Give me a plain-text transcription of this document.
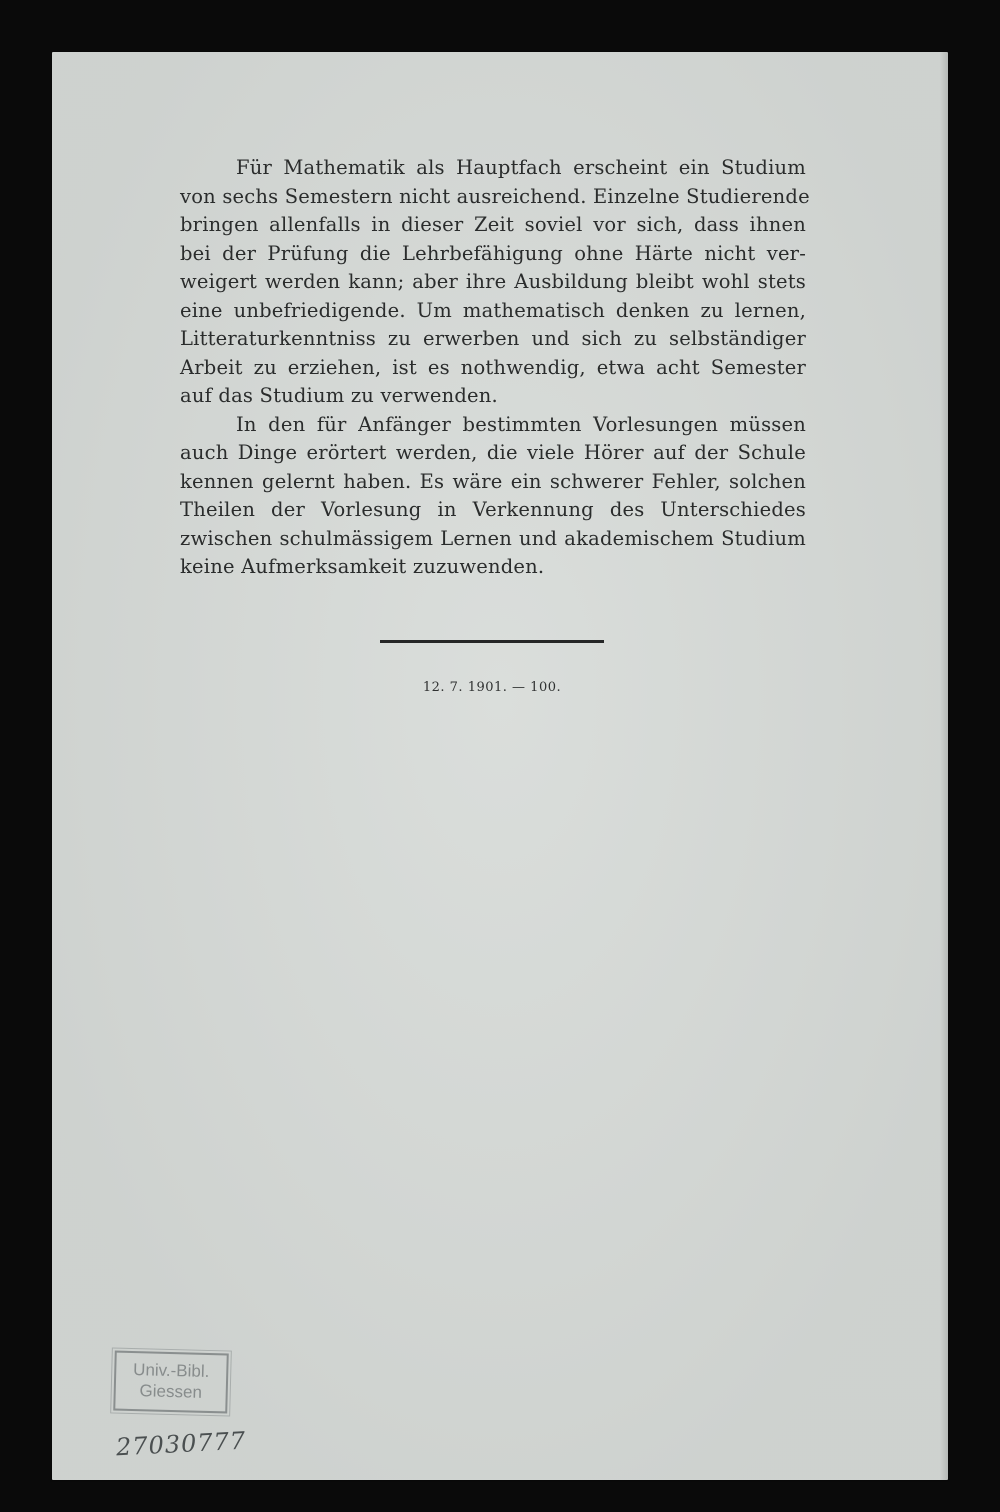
Für Mathematik als Hauptfach erscheint ein Studium
von sechs Semestern nicht ausreichend. Einzelne Studierende
bringen allenfalls in dieser Zeit soviel vor sich, dass ihnen
bei der Prüfung die Lehrbefähigung ohne Härte nicht ver-
weigert werden kann; aber ihre Ausbildung bleibt wohl stets
eine unbefriedigende. Um mathematisch denken zu lernen,
Litteraturkenntniss zu erwerben und sich zu selbständiger
Arbeit zu erziehen, ist es nothwendig, etwa acht Semester
auf das Studium zu verwenden.
In den für Anfänger bestimmten Vorlesungen müssen
auch Dinge erörtert werden, die viele Hörer auf der Schule
kennen gelernt haben. Es wäre ein schwerer Fehler, solchen
Theilen der Vorlesung in Verkennung des Unterschiedes
zwischen schulmässigem Lernen und akademischem Studium
keine Aufmerksamkeit zuzuwenden.
12. 7. 1901. — 100.
Univ.-Bibl.
Giessen
27030777
